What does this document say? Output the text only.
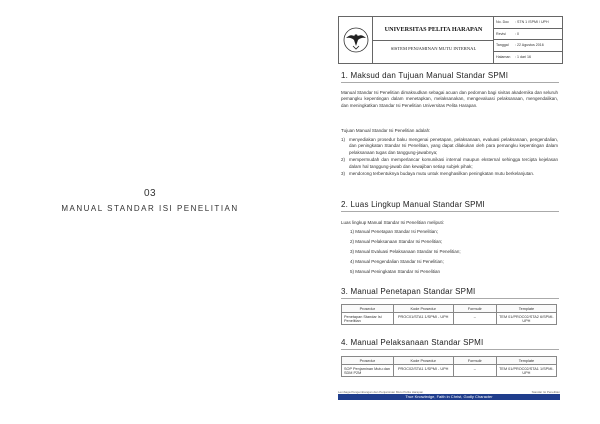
03
MANUAL STANDAR ISI PENELITIAN
UNIVERSITAS PELITA HARAPAN
SISTEM PENJAMINAN MUTU INTERNAL
No. Doc : STN 1 /SPMI / UPH
Revisi	: 0
Tanggal : 22 Agustus 2016
Halaman : 1 dari 16
1. Maksud dan Tujuan Manual Standar SPMI
Manual Standar Isi Penelitian dimaksudkan sebagai acuan dan pedoman bagi sivitas akademika dan seluruh pemangku kepentingan dalam menetapkan, melaksanakan, mengevaluasi pelaksanaan, mengendalikan, dan meningkatkan Standar Isi Penelitian Universitas Pelita Harapan.
Tujuan Manual Standar Isi Penelitian adalah:
1) menyediakan prosedur baku mengenai penetapan, pelaksanaan, evaluasi pelaksanaan, pengendalian, dan peningkatan Standar Isi Penelitian, yang dapat dilakukan oleh para pemangku kepentingan dalam pelaksanaan tugas dan tanggung-jawabnya;
2) mempermudah dan memperlancar komunikasi internal maupun eksternal sehingga tercipta kejelasan dalam hal tanggung-jawab dan kewajiban setiap subjek pihak;
3) mendorong terbentuknya budaya mutu untuk menghasilkan peningkatan mutu berkelanjutan.
2. Luas Lingkup Manual Standar SPMI
Luas lingkup Manual Standar Isi Penelitian meliputi:
1) Manual Penetapan Standar Isi Penelitian;
2) Manual Pelaksanaan Standar Isi Penelitian;
3) Manual Evaluasi Pelaksanaan Standar Isi Penelitian;
4) Manual Pengendalian Standar Isi Penelitian;
5) Manual Peningkatan Standar Isi Penelitian
3. Manual Penetapan Standar SPMI
Prosedur	Kode Prosedur	Formulir	Template
Penetapan Standar Isi Penelitian	PROC01/STA1 1/SPMI - UPH	–	TEM 01/PROC02/STA2 6/SPMI-UPH
4. Manual Pelaksanaan Standar SPMI
Prosedur	Kode Prosedur	Formulir	Template
SOP Penjaminan Mutu dan SDM P2M	PROC02/STA1 1/SPMI - UPH	–	TEM 01/PROC02/STA1 1/SPMI-UPH
Lembaga Pengembangan dan Penjaminan Mutu Pelita Harapan	Standar Isi Penelitian
True Knowledge, Faith in Christ, Godly Character
